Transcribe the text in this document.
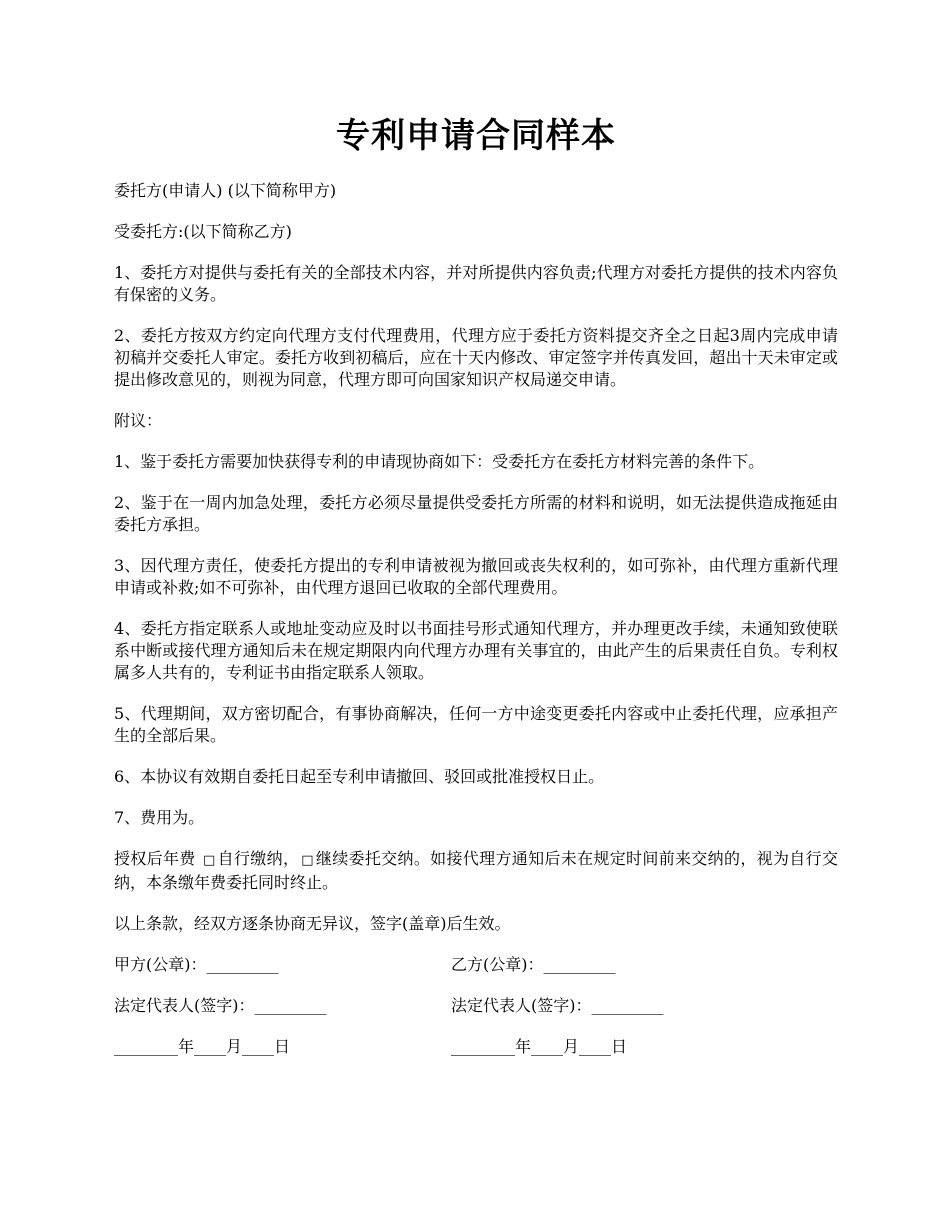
专利申请合同样本

委托方(申请人) (以下简称甲方)

受委托方:(以下简称乙方)

1、委托方对提供与委托有关的全部技术内容，并对所提供内容负责;代理方对委托方提供的技术内容负有保密的义务。

2、委托方按双方约定向代理方支付代理费用，代理方应于委托方资料提交齐全之日起3周内完成申请初稿并交委托人审定。委托方收到初稿后，应在十天内修改、审定签字并传真发回，超出十天未审定或提出修改意见的，则视为同意，代理方即可向国家知识产权局递交申请。

附议：

1、鉴于委托方需要加快获得专利的申请现协商如下：受委托方在委托方材料完善的条件下。

2、鉴于在一周内加急处理，委托方必须尽量提供受委托方所需的材料和说明，如无法提供造成拖延由委托方承担。

3、因代理方责任，使委托方提出的专利申请被视为撤回或丧失权利的，如可弥补，由代理方重新代理申请或补救;如不可弥补，由代理方退回已收取的全部代理费用。

4、委托方指定联系人或地址变动应及时以书面挂号形式通知代理方，并办理更改手续，未通知致使联系中断或接代理方通知后未在规定期限内向代理方办理有关事宜的，由此产生的后果责任自负。专利权属多人共有的，专利证书由指定联系人领取。

5、代理期间，双方密切配合，有事协商解决，任何一方中途变更委托内容或中止委托代理，应承担产生的全部后果。

6、本协议有效期自委托日起至专利申请撤回、驳回或批准授权日止。

7、费用为。

授权后年费 □ 自行缴纳， □ 继续委托交纳。如接代理方通知后未在规定时间前来交纳的，视为自行交纳，本条缴年费委托同时终止。

以上条款，经双方逐条协商无异议，签字(盖章)后生效。

甲方(公章)：_________	乙方(公章)：_________
法定代表人(签字)：_________	法定代表人(签字)：_________
________年____月____日	________年____月____日
